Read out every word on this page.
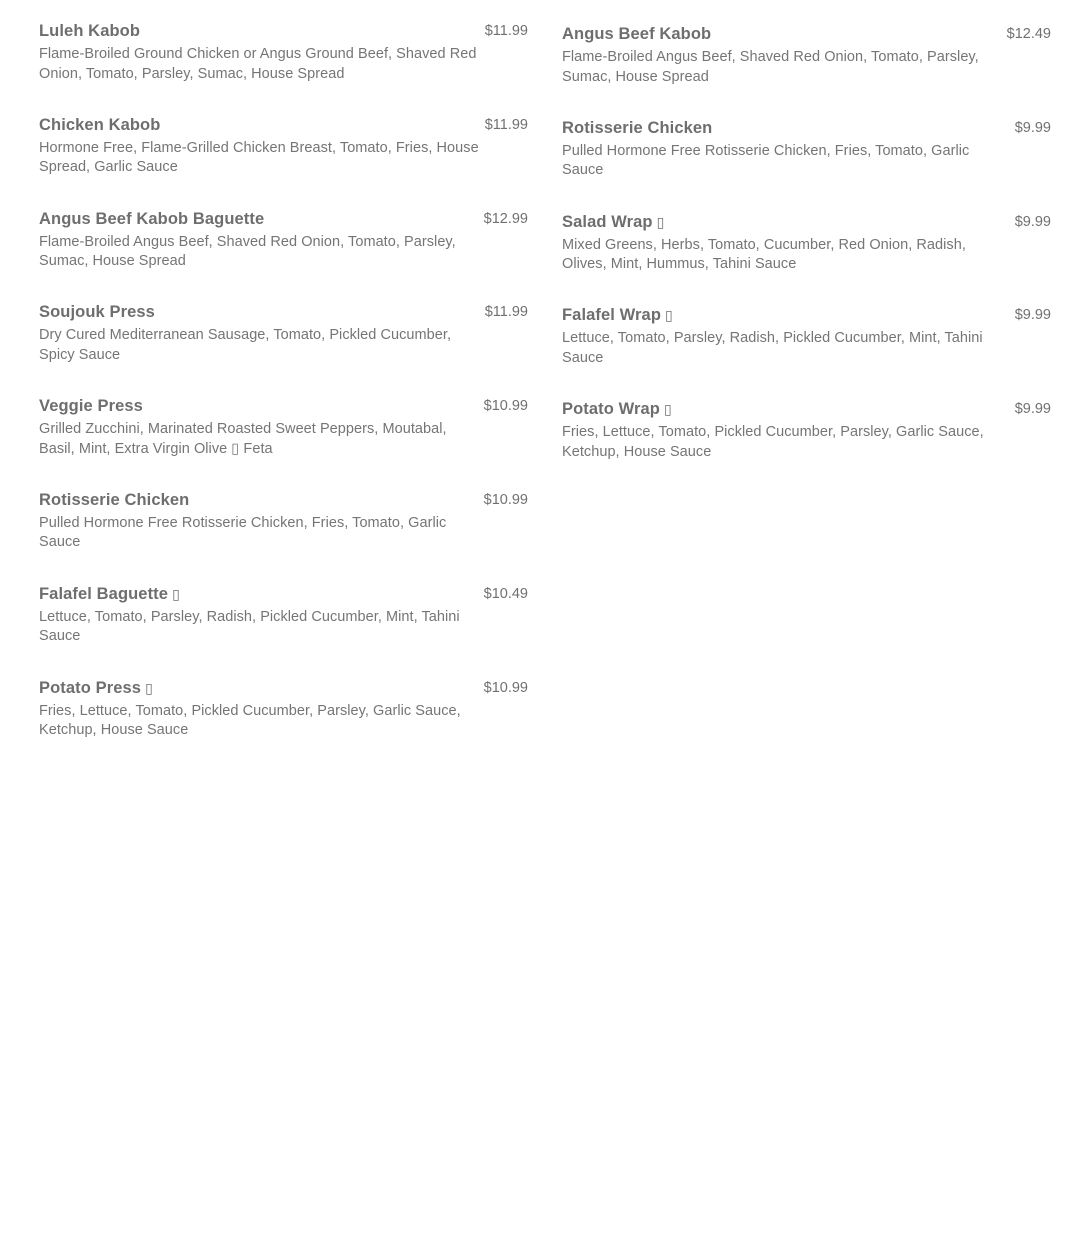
Luleh Kabob	$11.99
Flame-Broiled Ground Chicken or Angus Ground Beef, Shaved Red Onion, Tomato, Parsley, Sumac, House Spread
Chicken Kabob	$11.99
Hormone Free, Flame-Grilled Chicken Breast, Tomato, Fries, House Spread, Garlic Sauce
Angus Beef Kabob Baguette	$12.99
Flame-Broiled Angus Beef, Shaved Red Onion, Tomato, Parsley, Sumac, House Spread
Soujouk Press	$11.99
Dry Cured Mediterranean Sausage, Tomato, Pickled Cucumber, Spicy Sauce
Veggie Press	$10.99
Grilled Zucchini, Marinated Roasted Sweet Peppers, Moutabal, Basil, Mint, Extra Virgin Olive ▯ Feta
Rotisserie Chicken	$10.99
Pulled Hormone Free Rotisserie Chicken, Fries, Tomato, Garlic Sauce
Falafel Baguette ▯	$10.49
Lettuce, Tomato, Parsley, Radish, Pickled Cucumber, Mint, Tahini Sauce
Potato Press ▯	$10.99
Fries, Lettuce, Tomato, Pickled Cucumber, Parsley, Garlic Sauce, Ketchup, House Sauce
Angus Beef Kabob	$12.49
Flame-Broiled Angus Beef, Shaved Red Onion, Tomato, Parsley, Sumac, House Spread
Rotisserie Chicken	$9.99
Pulled Hormone Free Rotisserie Chicken, Fries, Tomato, Garlic Sauce
Salad Wrap ▯	$9.99
Mixed Greens, Herbs, Tomato, Cucumber, Red Onion, Radish, Olives, Mint, Hummus, Tahini Sauce
Falafel Wrap ▯	$9.99
Lettuce, Tomato, Parsley, Radish, Pickled Cucumber, Mint, Tahini Sauce
Potato Wrap ▯	$9.99
Fries, Lettuce, Tomato, Pickled Cucumber, Parsley, Garlic Sauce, Ketchup, House Sauce
